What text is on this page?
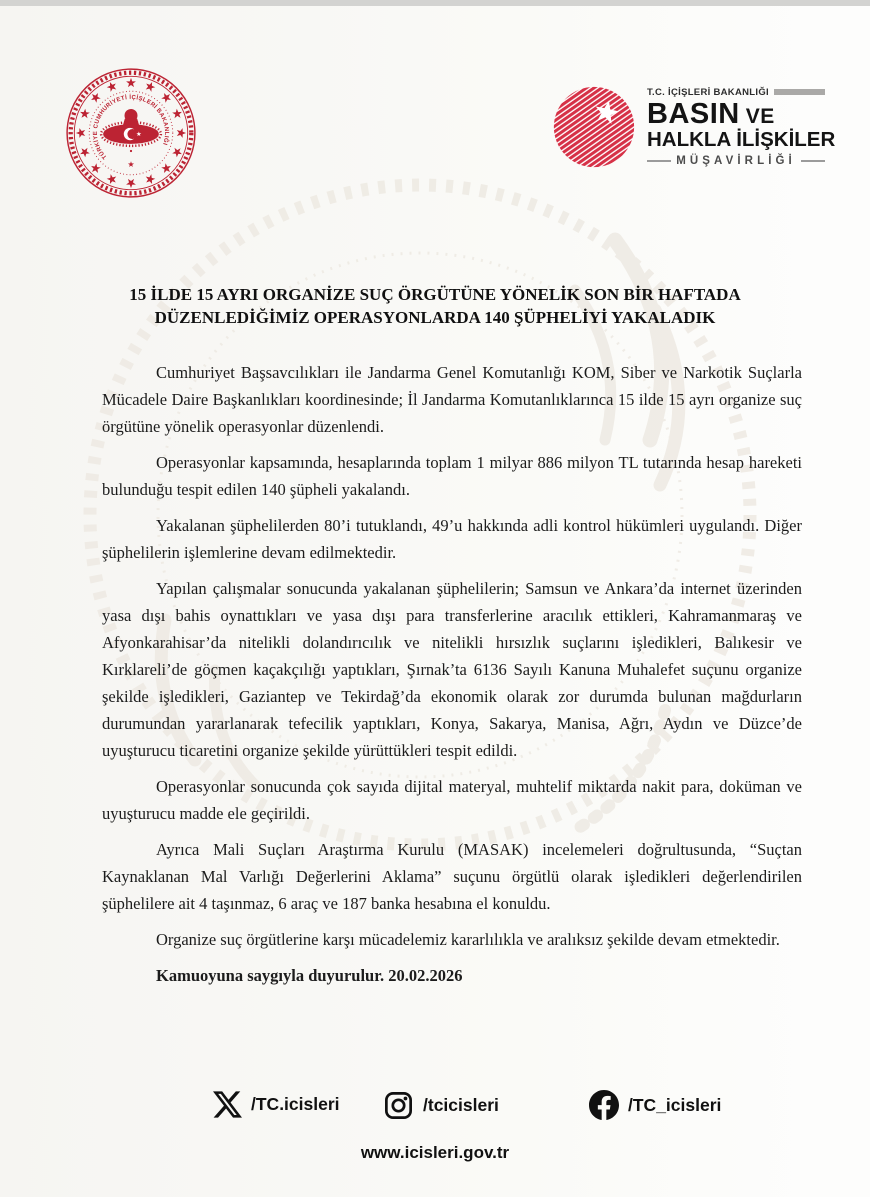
TÜRKİYE CUMHURİYETİ İÇİŞLERİ BAKANLIĞI
T.C. İÇİŞLERİ BAKANLIĞI
BASIN VE
HALKLA İLİŞKİLER
MÜŞAVİRLİĞİ
15 İLDE 15 AYRI ORGANİZE SUÇ ÖRGÜTÜNE YÖNELİK SON BİR HAFTADA DÜZENLEDİĞİMİZ OPERASYONLARDA 140 ŞÜPHELİYİ YAKALADIK

Cumhuriyet Başsavcılıkları ile Jandarma Genel Komutanlığı KOM, Siber ve Narkotik Suçlarla Mücadele Daire Başkanlıkları koordinesinde; İl Jandarma Komutanlıklarınca 15 ilde 15 ayrı organize suç örgütüne yönelik operasyonlar düzenlendi.

Operasyonlar kapsamında, hesaplarında toplam 1 milyar 886 milyon TL tutarında hesap hareketi bulunduğu tespit edilen 140 şüpheli yakalandı.

Yakalanan şüphelilerden 80’i tutuklandı, 49’u hakkında adli kontrol hükümleri uygulandı. Diğer şüphelilerin işlemlerine devam edilmektedir.

Yapılan çalışmalar sonucunda yakalanan şüphelilerin; Samsun ve Ankara’da internet üzerinden yasa dışı bahis oynattıkları ve yasa dışı para transferlerine aracılık ettikleri, Kahramanmaraş ve Afyonkarahisar’da nitelikli dolandırıcılık ve nitelikli hırsızlık suçlarını işledikleri, Balıkesir ve Kırklareli’de göçmen kaçakçılığı yaptıkları, Şırnak’ta 6136 Sayılı Kanuna Muhalefet suçunu organize şekilde işledikleri, Gaziantep ve Tekirdağ’da ekonomik olarak zor durumda bulunan mağdurların durumundan yararlanarak tefecilik yaptıkları, Konya, Sakarya, Manisa, Ağrı, Aydın ve Düzce’de uyuşturucu ticaretini organize şekilde yürüttükleri tespit edildi.

Operasyonlar sonucunda çok sayıda dijital materyal, muhtelif miktarda nakit para, doküman ve uyuşturucu madde ele geçirildi.

Ayrıca Mali Suçları Araştırma Kurulu (MASAK) incelemeleri doğrultusunda, “Suçtan Kaynaklanan Mal Varlığı Değerlerini Aklama” suçunu örgütlü olarak işledikleri değerlendirilen şüphelilere ait 4 taşınmaz, 6 araç ve 187 banka hesabına el konuldu.

Organize suç örgütlerine karşı mücadelemiz kararlılıkla ve aralıksız şekilde devam etmektedir.

Kamuoyuna saygıyla duyurulur. 20.02.2026

/TC.icisleri	/tcicisleri	/TC_icisleri
www.icisleri.gov.tr
